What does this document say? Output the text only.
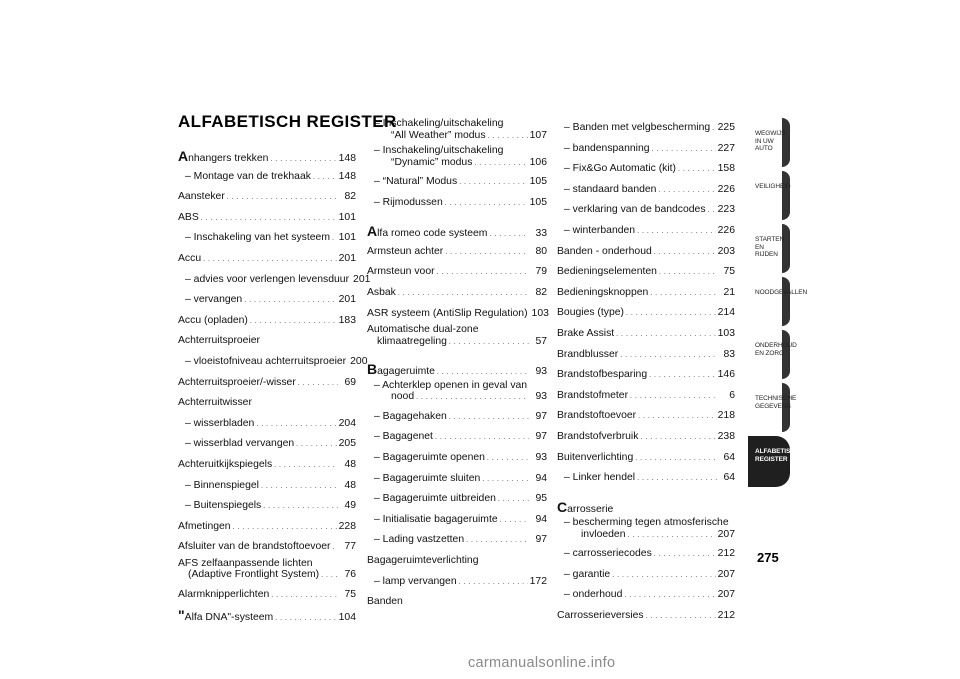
ALFABETISCH REGISTER
Anhangers trekken . . .	148
– Montage van de trekhaak . . .	148
Aansteker . . .	82
ABS . . .	101
– Inschakeling van het systeem . . . 101
Accu . . .	201
– advies voor verlengen levensduur 201
– vervangen . . .	201
Accu (opladen) . . .	183
Achterruitsproeier
– vloeistofniveau achterruitsproeier 200
Achterruitsproeier/-wisser . . .	69
Achterruitwisser
– wisserbladen . . .	204
– wisserblad vervangen . . .	205
Achteruitkijkspiegels . . .	48
– Binnenspiegel . . .	48
– Buitenspiegels . . .	49
Afmetingen . . .	228
Afsluiter van de brandstoftoevoer . . .	77
AFS zelfaanpassende lichten
(Adaptive Frontlight System) . . .	76
Alarmknipperlichten . . .	75
"Alfa DNA"-systeem . . .	104
– Inschakeling/uitschakeling
“All Weather” modus . . .	107
– Inschakeling/uitschakeling
“Dynamic” modus . . .	106
– “Natural” Modus . . .	105
– Rijmodussen . . .	105
Alfa romeo code systeem . . .	33
Armsteun achter . . .	80
Armsteun voor . . .	79
Asbak . . .	82
ASR systeem (AntiSlip Regulation) 103
Automatische dual-zone
klimaatregeling . . .	57
Bagageruimte . . .	93
– Achterklep openen in geval van
nood . . .	93
– Bagagehaken . . .	97
– Bagagenet . . .	97
– Bagageruimte openen . . .	93
– Bagageruimte sluiten . . .	94
– Bagageruimte uitbreiden . . .	95
– Initialisatie bagageruimte . . .	94
– Lading vastzetten . . .	97
Bagageruimteverlichting
– lamp vervangen . . .	172
Banden
– Banden met velgbescherming . . . 225
– bandenspanning . . .	227
– Fix&Go Automatic (kit) . . .	158
– standaard banden . . .	226
– verklaring van de bandcodes . . . 223
– winterbanden . . .	226
Banden - onderhoud . . .	203
Bedieningselementen . . .	75
Bedieningsknoppen . . .	21
Bougies (type) . . .	214
Brake Assist . . .	103
Brandblusser . . .	83
Brandstofbesparing . . .	146
Brandstofmeter . . .	6
Brandstoftoevoer . . .	218
Brandstofverbruik . . .	238
Buitenverlichting . . .	64
– Linker hendel . . .	64
Carrosserie
– bescherming tegen atmosferische
invloeden . . .	207
– carrosseriecodes . . .	212
– garantie . . .	207
– onderhoud . . .	207
Carrosserieversies . . .	212
WEGWIJS IN UW AUTO
VEILIGHEID
STARTEN EN RIJDEN
NOODGEVALLEN
ONDERHOUD EN ZORG
TECHNISCHE GEGEVENS
ALFABETISCH REGISTER
275
carmanualsonline.info
